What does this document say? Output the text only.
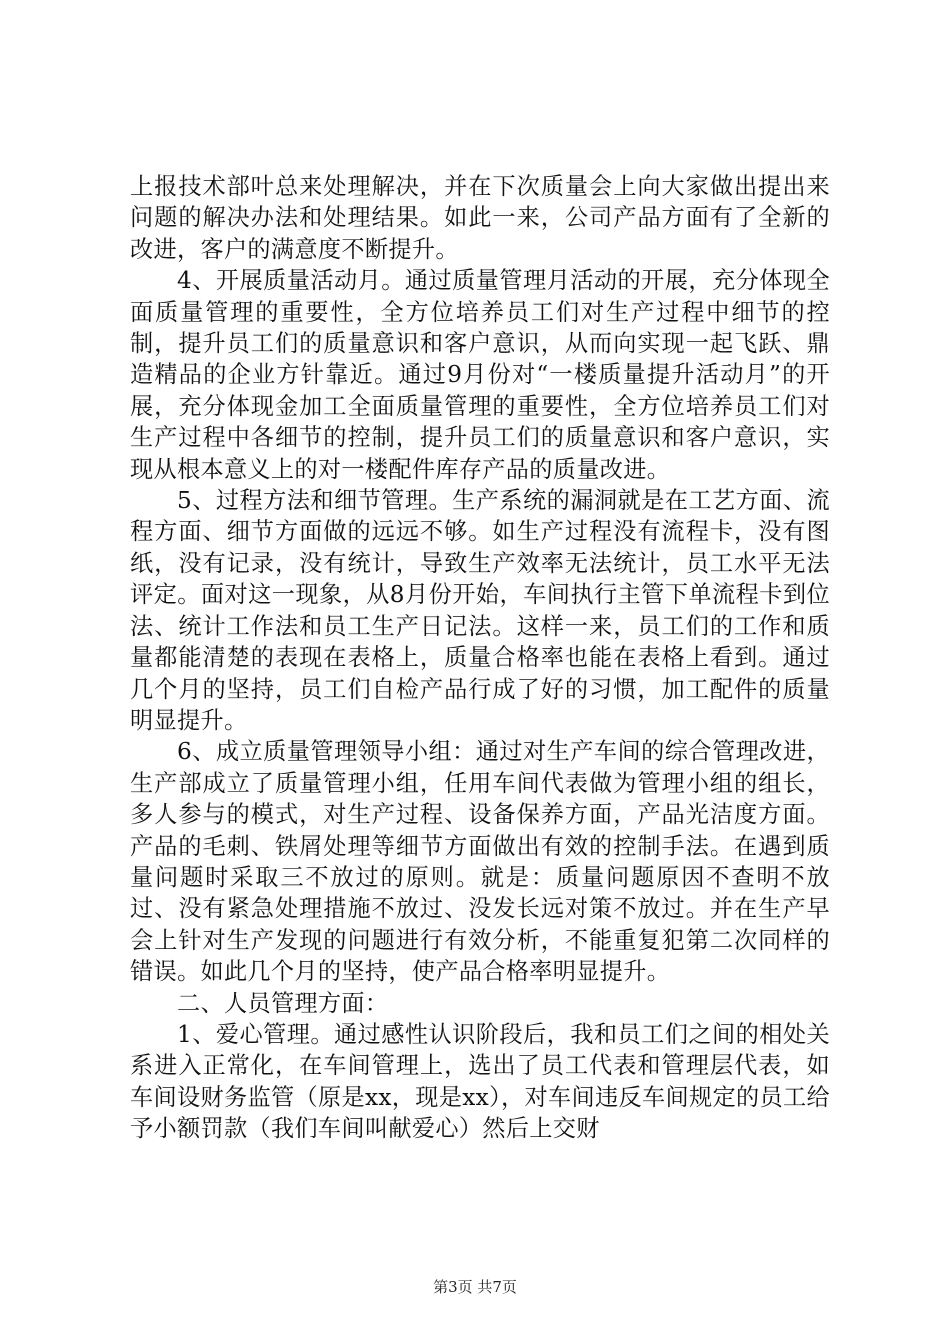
上报技术部叶总来处理解决，并在下次质量会上向大家做出提出来问题的解决办法和处理结果。如此一来，公司产品方面有了全新的改进，客户的满意度不断提升。

4、开展质量活动月。通过质量管理月活动的开展，充分体现全面质量管理的重要性，全方位培养员工们对生产过程中细节的控制，提升员工们的质量意识和客户意识，从而向实现一起飞跃、鼎造精品的企业方针靠近。通过9月份对“一楼质量提升活动月”的开展，充分体现金加工全面质量管理的重要性，全方位培养员工们对生产过程中各细节的控制，提升员工们的质量意识和客户意识，实现从根本意义上的对一楼配件库存产品的质量改进。

5、过程方法和细节管理。生产系统的漏洞就是在工艺方面、流程方面、细节方面做的远远不够。如生产过程没有流程卡，没有图纸，没有记录，没有统计，导致生产效率无法统计，员工水平无法评定。面对这一现象，从8月份开始，车间执行主管下单流程卡到位法、统计工作法和员工生产日记法。这样一来，员工们的工作和质量都能清楚的表现在表格上，质量合格率也能在表格上看到。通过几个月的坚持，员工们自检产品行成了好的习惯，加工配件的质量明显提升。

6、成立质量管理领导小组：通过对生产车间的综合管理改进，生产部成立了质量管理小组，任用车间代表做为管理小组的组长，多人参与的模式，对生产过程、设备保养方面，产品光洁度方面。产品的毛刺、铁屑处理等细节方面做出有效的控制手法。在遇到质量问题时采取三不放过的原则。就是：质量问题原因不查明不放过、没有紧急处理措施不放过、没发长远对策不放过。并在生产早会上针对生产发现的问题进行有效分析，不能重复犯第二次同样的错误。如此几个月的坚持，使产品合格率明显提升。

二、人员管理方面：

1、爱心管理。通过感性认识阶段后，我和员工们之间的相处关系进入正常化，在车间管理上，选出了员工代表和管理层代表，如车间设财务监管（原是xx，现是xx），对车间违反车间规定的员工给予小额罚款（我们车间叫献爱心）然后上交财

第3页 共7页
